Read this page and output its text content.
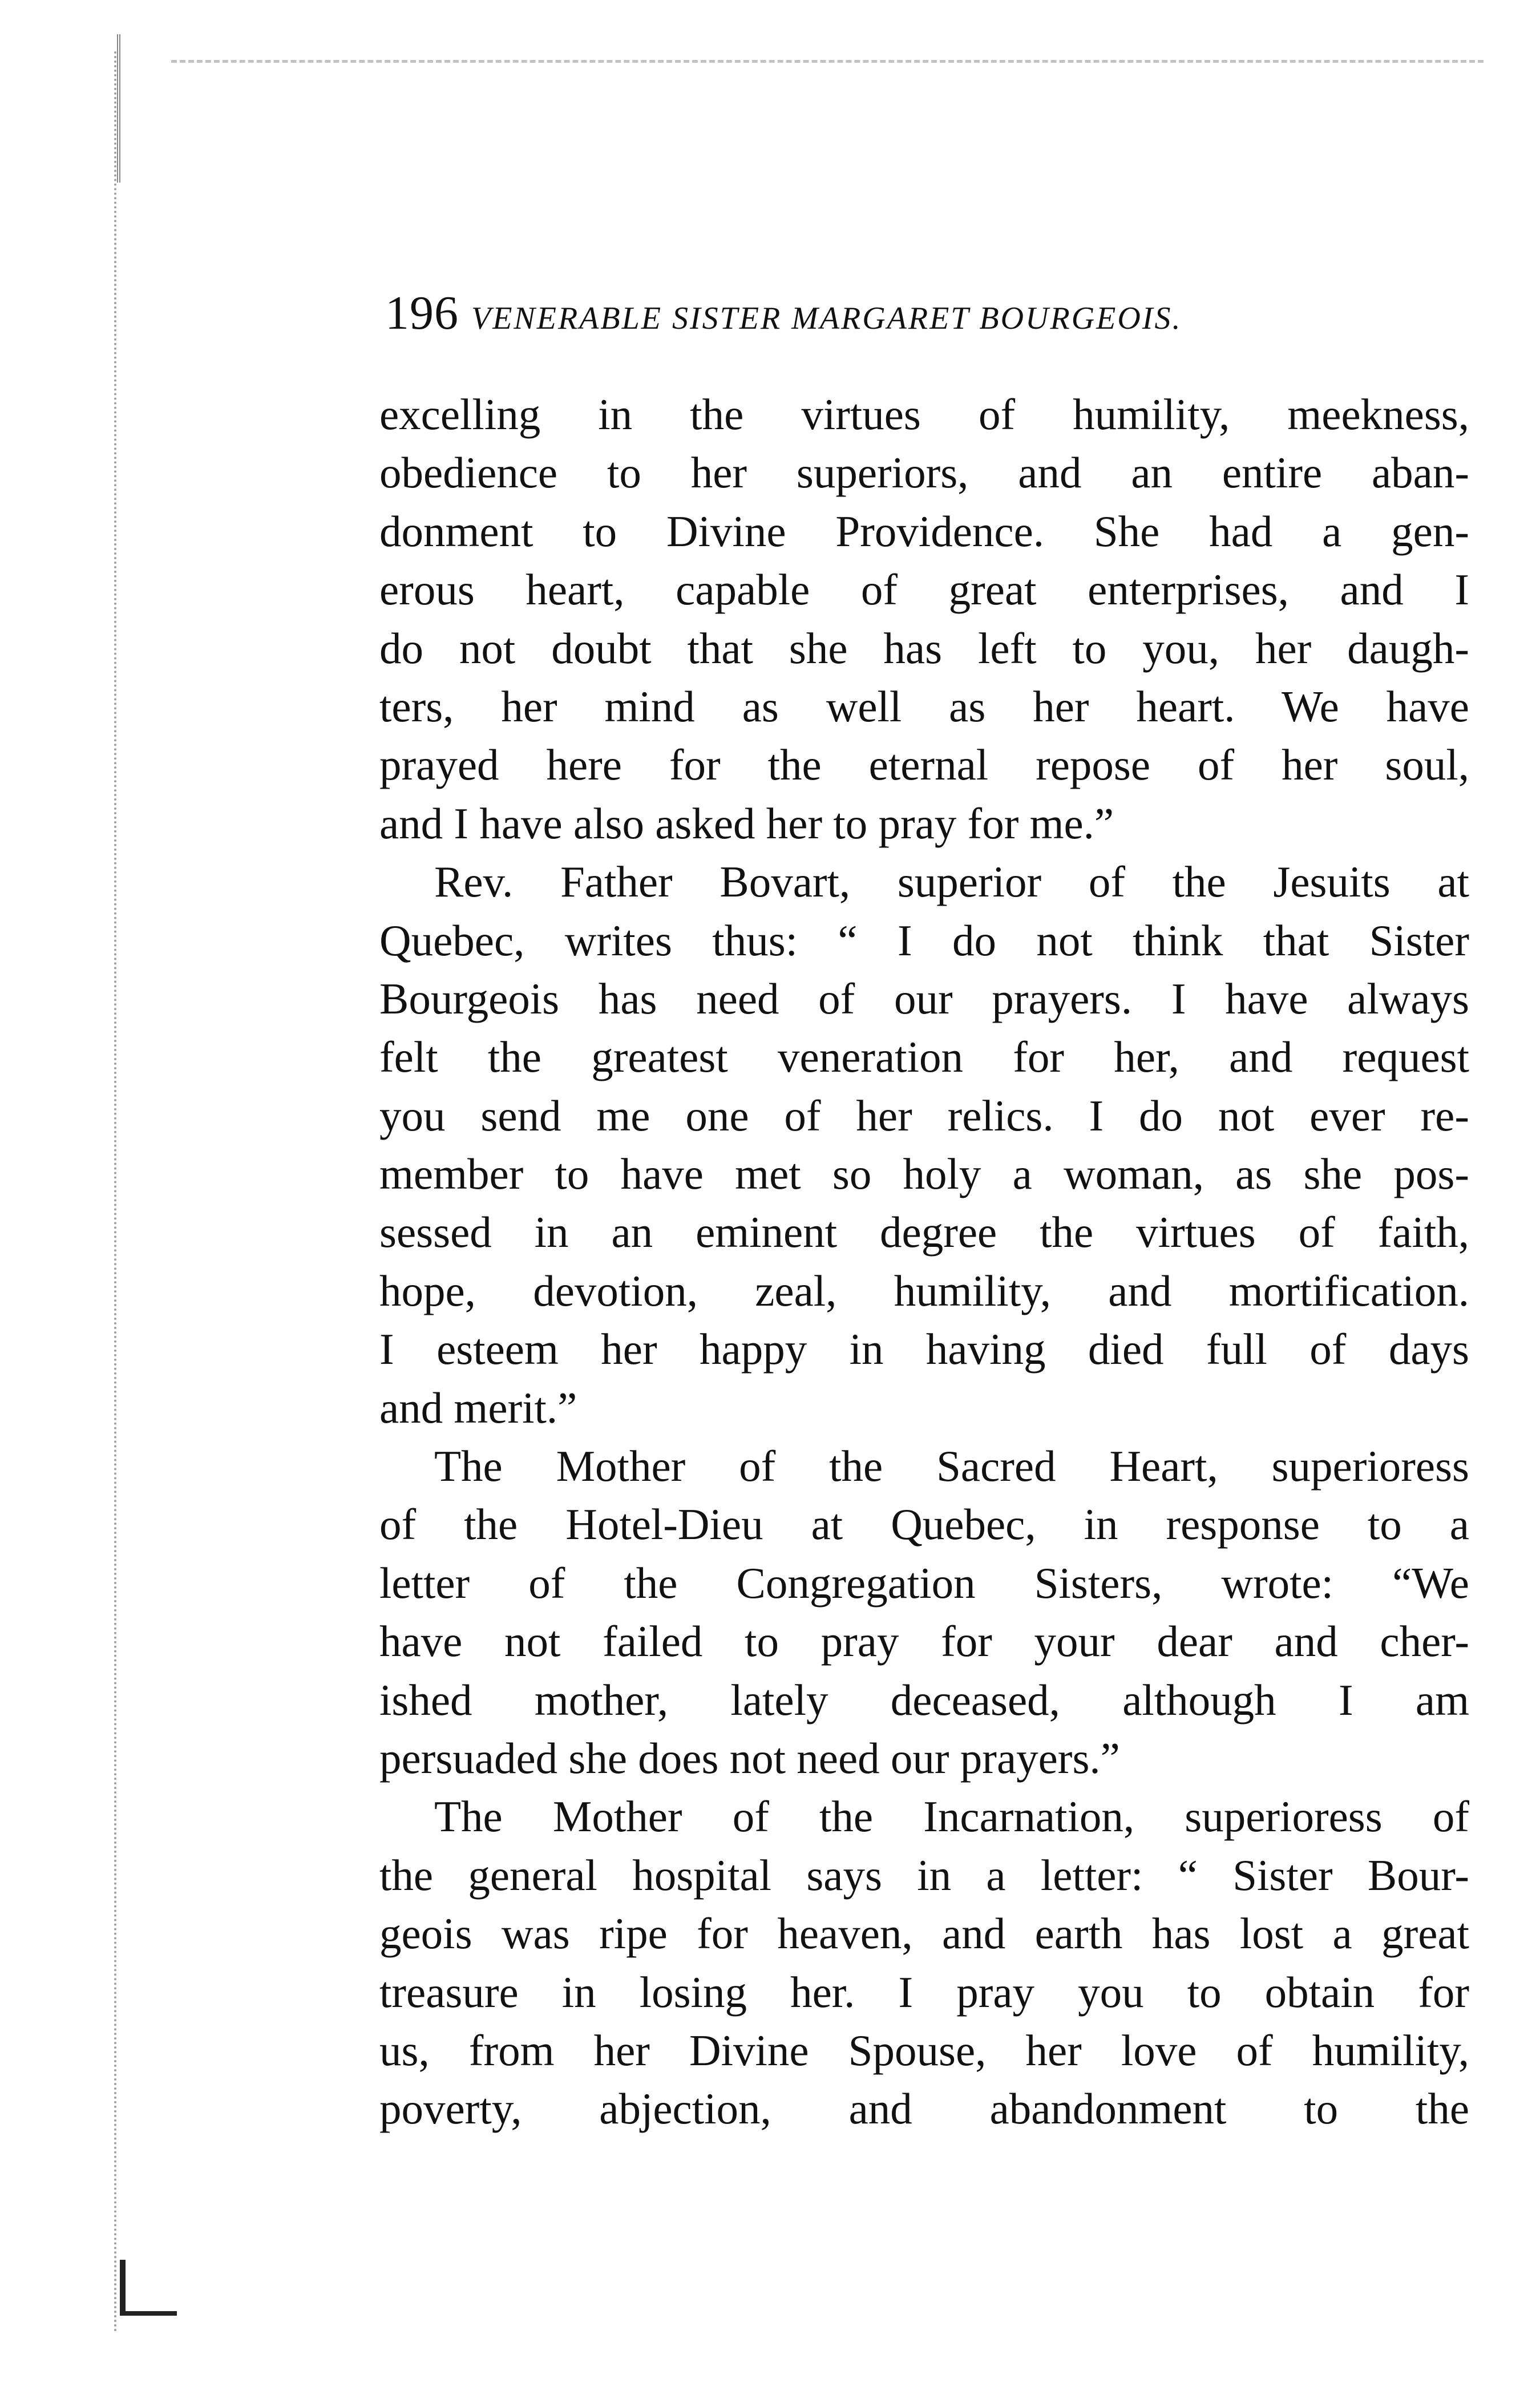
196 VENERABLE SISTER MARGARET BOURGEOIS.
excelling in the virtues of humility, meekness,
obedience to her superiors, and an entire aban-
donment to Divine Providence. She had a gen-
erous heart, capable of great enterprises, and I
do not doubt that she has left to you, her daugh-
ters, her mind as well as her heart. We have
prayed here for the eternal repose of her soul,
and I have also asked her to pray for me.”
Rev. Father Bovart, superior of the Jesuits at
Quebec, writes thus: “ I do not think that Sister
Bourgeois has need of our prayers. I have always
felt the greatest veneration for her, and request
you send me one of her relics. I do not ever re-
member to have met so holy a woman, as she pos-
sessed in an eminent degree the virtues of faith,
hope, devotion, zeal, humility, and mortification.
I esteem her happy in having died full of days
and merit.”
The Mother of the Sacred Heart, superioress
of the Hotel-Dieu at Quebec, in response to a
letter of the Congregation Sisters, wrote: “We
have not failed to pray for your dear and cher-
ished mother, lately deceased, although I am
persuaded she does not need our prayers.”
The Mother of the Incarnation, superioress of
the general hospital says in a letter: “ Sister Bour-
geois was ripe for heaven, and earth has lost a great
treasure in losing her. I pray you to obtain for
us, from her Divine Spouse, her love of humility,
poverty, abjection, and abandonment to the
